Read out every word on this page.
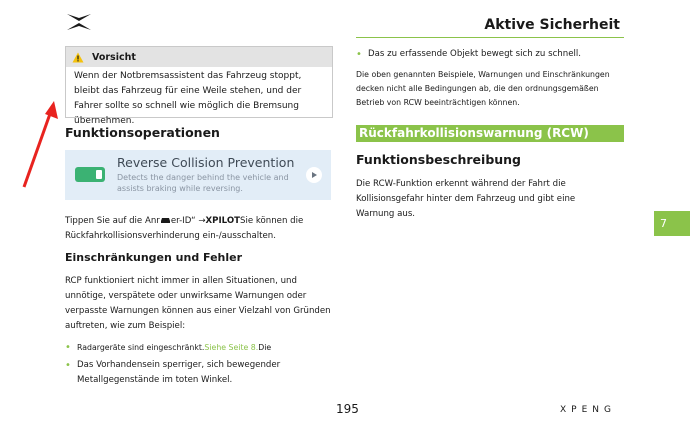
Aktive Sicherheit
Vorsicht
Wenn der Notbremsassistent das Fahrzeug stoppt, bleibt das Fahrzeug für eine Weile stehen, und der Fahrer sollte so schnell wie möglich die Bremsung übernehmen.
Funktionsoperationen
Reverse Collision Prevention
Detects the danger behind the vehicle and assists braking while reversing.

Tippen Sie auf die Anr er-ID“ →XPILOTSie können die Rückfahrkollisionsverhinderung ein-/ausschalten.

Einschränkungen und Fehler

RCP funktioniert nicht immer in allen Situationen, und unnötige, verspätete oder unwirksame Warnungen oder verpasste Warnungen können aus einer Vielzahl von Gründen auftreten, wie zum Beispiel:

• Radargeräte sind eingeschränkt.Siehe Seite 8.Die
• Das Vorhandensein sperriger, sich bewegender Metallgegenstände im toten Winkel.
• Das zu erfassende Objekt bewegt sich zu schnell.

Die oben genannten Beispiele, Warnungen und Einschränkungen decken nicht alle Bedingungen ab, die den ordnungsgemäßen Betrieb von RCW beeinträchtigen können.

Rückfahrkollisionswarnung (RCW)
Funktionsbeschreibung

Die RCW-Funktion erkennt während der Fahrt die Kollisionsgefahr hinter dem Fahrzeug und gibt eine Warnung aus.

7
195	XPENG
